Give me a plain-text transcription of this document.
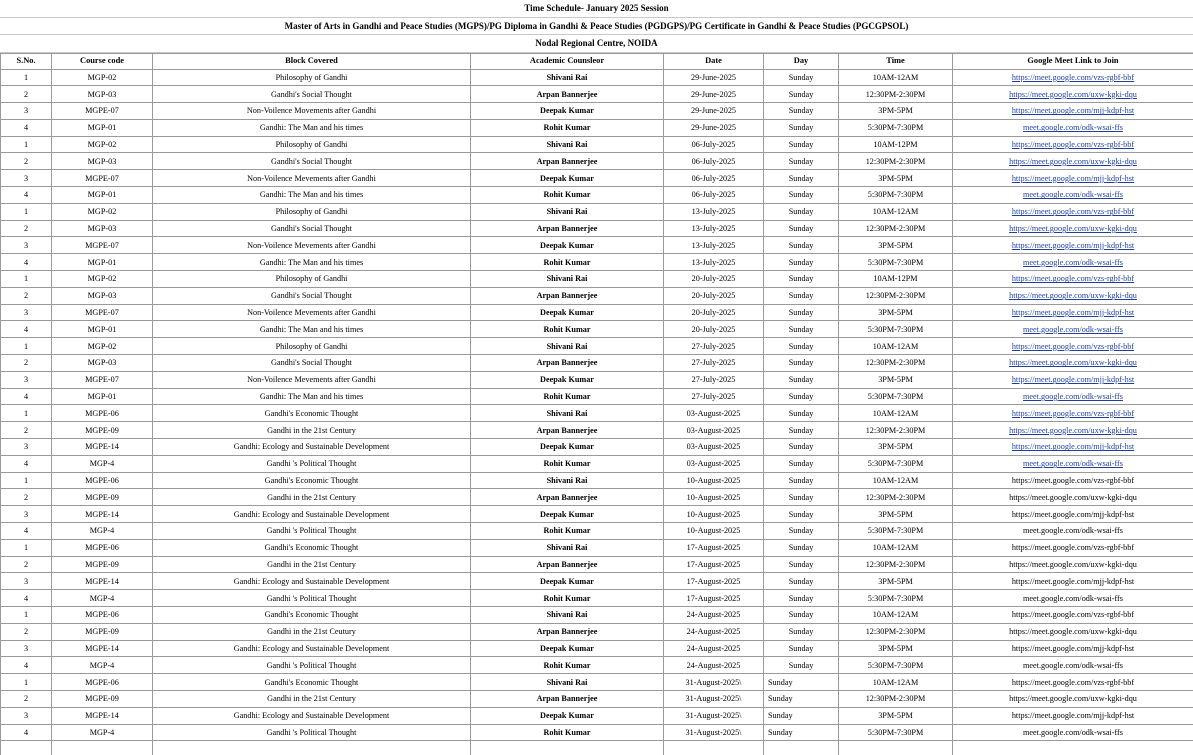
Time Schedule- January 2025 Session
Master of Arts in Gandhi and Peace Studies (MGPS)/PG Diploma in Gandhi & Peace Studies (PGDGPS)/PG Certificate in Gandhi & Peace Studies (PGCGPSOL)
Nodal Regional Centre, NOIDA
S.No.	Course code	Block Covered	Academic Counsleor	Date	Day	Time	Google Meet Link to Join
1	MGP-02	Philosophy of Gandhi	Shivani Rai	29-June-2025	Sunday	10AM-12AM	https://meet.google.com/vzs-rgbf-bbf
2	MGP-03	Gandhi's Social Thought	Arpan Bannerjee	29-June-2025	Sunday	12:30PM-2:30PM	https://meet.google.com/uxw-kgki-dqu
3	MGPE-07	Non-Voilence Movements after Gandhi	Deepak Kumar	29-June-2025	Sunday	3PM-5PM	https://meet.google.com/mjj-kdpf-hst
4	MGP-01	Gandhi: The Man and his times	Rohit Kumar	29-June-2025	Sunday	5:30PM-7:30PM	meet.google.com/odk-wsai-ffs
1	MGP-02	Philosophy of Gandhi	Shivani Rai	06-July-2025	Sunday	10AM-12PM	https://meet.google.com/vzs-rgbf-bbf
2	MGP-03	Gandhi's Social Thought	Arpan Bannerjee	06-July-2025	Sunday	12:30PM-2:30PM	https://meet.google.com/uxw-kgki-dqu
3	MGPE-07	Non-Voilence Mevements after Gandhi	Deepak Kumar	06-July-2025	Sunday	3PM-5PM	https://meet.google.com/mjj-kdpf-hst
4	MGP-01	Gandhi: The Man and his times	Rohit Kumar	06-July-2025	Sunday	5:30PM-7:30PM	meet.google.com/odk-wsai-ffs
1	MGP-02	Philosophy of Gandhi	Shivani Rai	13-July-2025	Sunday	10AM-12AM	https://meet.google.com/vzs-rgbf-bbf
2	MGP-03	Gandhi's Social Thought	Arpan Bannerjee	13-July-2025	Sunday	12:30PM-2:30PM	https://meet.google.com/uxw-kgki-dqu
3	MGPE-07	Non-Voilence Mevements after Gandhi	Deepak Kumar	13-July-2025	Sunday	3PM-5PM	https://meet.google.com/mjj-kdpf-hst
4	MGP-01	Gandhi: The Man and his times	Rohit Kumar	13-July-2025	Sunday	5:30PM-7:30PM	meet.google.com/odk-wsai-ffs
1	MGP-02	Philosophy of Gandhi	Shivani Rai	20-July-2025	Sunday	10AM-12PM	https://meet.google.com/vzs-rgbf-bbf
2	MGP-03	Gandhi's Social Thought	Arpan Bannerjee	20-July-2025	Sunday	12:30PM-2:30PM	https://meet.google.com/uxw-kgki-dqu
3	MGPE-07	Non-Voilence Mevements after Gandhi	Deepak Kumar	20-July-2025	Sunday	3PM-5PM	https://meet.google.com/mjj-kdpf-hst
4	MGP-01	Gandhi: The Man and his times	Rohit Kumar	20-July-2025	Sunday	5:30PM-7:30PM	meet.google.com/odk-wsai-ffs
1	MGP-02	Philosophy of Gandhi	Shivani Rai	27-July-2025	Sunday	10AM-12AM	https://meet.google.com/vzs-rgbf-bbf
2	MGP-03	Gandhi's Social Thought	Arpan Bannerjee	27-July-2025	Sunday	12:30PM-2:30PM	https://meet.google.com/uxw-kgki-dqu
3	MGPE-07	Non-Voilence Mevements after Gandhi	Deepak Kumar	27-July-2025	Sunday	3PM-5PM	https://meet.google.com/mjj-kdpf-hst
4	MGP-01	Gandhi: The Man and his times	Rohit Kumar	27-July-2025	Sunday	5:30PM-7:30PM	meet.google.com/odk-wsai-ffs
1	MGPE-06	Gandhi's Economic Thought	Shivani Rai	03-August-2025	Sunday	10AM-12AM	https://meet.google.com/vzs-rgbf-bbf
2	MGPE-09	Gandhi in the 21st Century	Arpan Bannerjee	03-August-2025	Sunday	12:30PM-2:30PM	https://meet.google.com/uxw-kgki-dqu
3	MGPE-14	Gandhi: Ecology and Sustainable Development	Deepak Kumar	03-August-2025	Sunday	3PM-5PM	https://meet.google.com/mjj-kdpf-hst
4	MGP-4	Gandhi 's Political Thought	Rohit Kumar	03-August-2025	Sunday	5:30PM-7:30PM	meet.google.com/odk-wsai-ffs
1	MGPE-06	Gandhi's Economic Thought	Shivani Rai	10-August-2025	Sunday	10AM-12AM	https://meet.google.com/vzs-rgbf-bbf
2	MGPE-09	Gandhi in the 21st Century	Arpan Bannerjee	10-August-2025	Sunday	12:30PM-2:30PM	https://meet.google.com/uxw-kgki-dqu
3	MGPE-14	Gandhi: Ecology and Sustainable Development	Deepak Kumar	10-August-2025	Sunday	3PM-5PM	https://meet.google.com/mjj-kdpf-hst
4	MGP-4	Gandhi 's Political Thought	Rohit Kumar	10-August-2025	Sunday	5:30PM-7:30PM	meet.google.com/odk-wsai-ffs
1	MGPE-06	Gandhi's Economic Thought	Shivani Rai	17-August-2025	Sunday	10AM-12AM	https://meet.google.com/vzs-rgbf-bbf
2	MGPE-09	Gandhi in the 21st Century	Arpan Bannerjee	17-August-2025	Sunday	12:30PM-2:30PM	https://meet.google.com/uxw-kgki-dqu
3	MGPE-14	Gandhi: Ecology and Sustainable Development	Deepak Kumar	17-August-2025	Sunday	3PM-5PM	https://meet.google.com/mjj-kdpf-hst
4	MGP-4	Gandhi 's Political Thought	Rohit Kumar	17-August-2025	Sunday	5:30PM-7:30PM	meet.google.com/odk-wsai-ffs
1	MGPE-06	Gandhi's Economic Thought	Shivani Rai	24-August-2025	Sunday	10AM-12AM	https://meet.google.com/vzs-rgbf-bbf
2	MGPE-09	Gandhi in the 21st Ceutury	Arpan Bannerjee	24-August-2025	Sunday	12:30PM-2:30PM	https://meet.google.com/uxw-kgki-dqu
3	MGPE-14	Gandhi: Ecology and Sustainable Development	Deepak Kumar	24-August-2025	Sunday	3PM-5PM	https://meet.google.com/mjj-kdpf-hst
4	MGP-4	Gandhi 's Political Thought	Rohit Kumar	24-August-2025	Sunday	5:30PM-7:30PM	meet.google.com/odk-wsai-ffs
1	MGPE-06	Gandhi's Economic Thought	Shivani Rai	31-August-2025\	Sunday	10AM-12AM	https://meet.google.com/vzs-rgbf-bbf
2	MGPE-09	Gandhi in the 21st Century	Arpan Bannerjee	31-August-2025\	Sunday	12:30PM-2:30PM	https://meet.google.com/uxw-kgki-dqu
3	MGPE-14	Gandhi: Ecology and Sustainable Development	Deepak Kumar	31-August-2025\	Sunday	3PM-5PM	https://meet.google.com/mjj-kdpf-hst
4	MGP-4	Gandhi 's Political Thought	Rohit Kumar	31-August-2025\	Sunday	5:30PM-7:30PM	meet.google.com/odk-wsai-ffs
